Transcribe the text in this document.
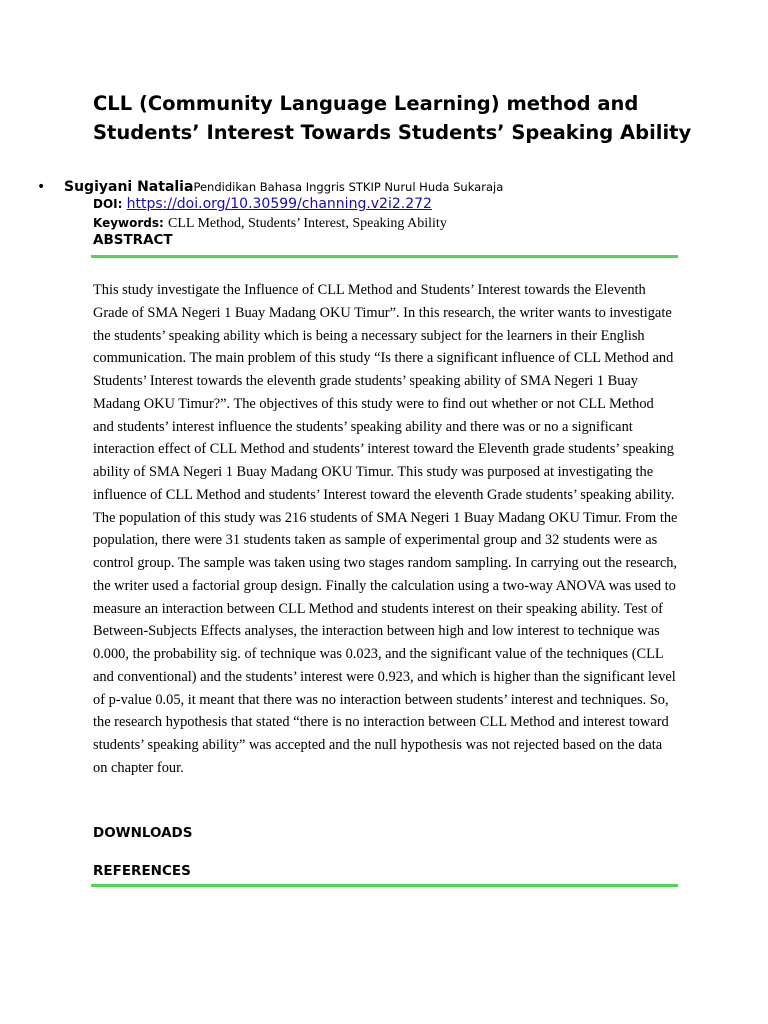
CLL (Community Language Learning) method and Students’ Interest Towards Students’ Speaking Ability
• Sugiyani NataliaPendidikan Bahasa Inggris STKIP Nurul Huda Sukaraja
DOI: https://doi.org/10.30599/channing.v2i2.272
Keywords: CLL Method, Students’ Interest, Speaking Ability
ABSTRACT

This study investigate the Influence of CLL Method and Students’ Interest towards the Eleventh Grade of SMA Negeri 1 Buay Madang OKU Timur”. In this research, the writer wants to investigate the students’ speaking ability which is being a necessary subject for the learners in their English communication. The main problem of this study “Is there a significant influence of CLL Method and Students’ Interest towards the eleventh grade students’ speaking ability of SMA Negeri 1 Buay Madang OKU Timur?”. The objectives of this study were to find out whether or not CLL Method and students’ interest influence the students’ speaking ability and there was or no a significant interaction effect of CLL Method and students’ interest toward the Eleventh grade students’ speaking ability of SMA Negeri 1 Buay Madang OKU Timur. This study was purposed at investigating the influence of CLL Method and students’ Interest toward the eleventh Grade students’ speaking ability. The population of this study was 216 students of SMA Negeri 1 Buay Madang OKU Timur. From the population, there were 31 students taken as sample of experimental group and 32 students were as control group. The sample was taken using two stages random sampling. In carrying out the research, the writer used a factorial group design. Finally the calculation using a two-way ANOVA was used to measure an interaction between CLL Method and students interest on their speaking ability. Test of Between-Subjects Effects analyses, the interaction between high and low interest to technique was 0.000, the probability sig. of technique was 0.023, and the significant value of the techniques (CLL and conventional) and the students’ interest were 0.923, and which is higher than the significant level of p-value 0.05, it meant that there was no interaction between students’ interest and techniques. So, the research hypothesis that stated “there is no interaction between CLL Method and interest toward students’ speaking ability” was accepted and the null hypothesis was not rejected based on the data on chapter four.

DOWNLOADS
REFERENCES
